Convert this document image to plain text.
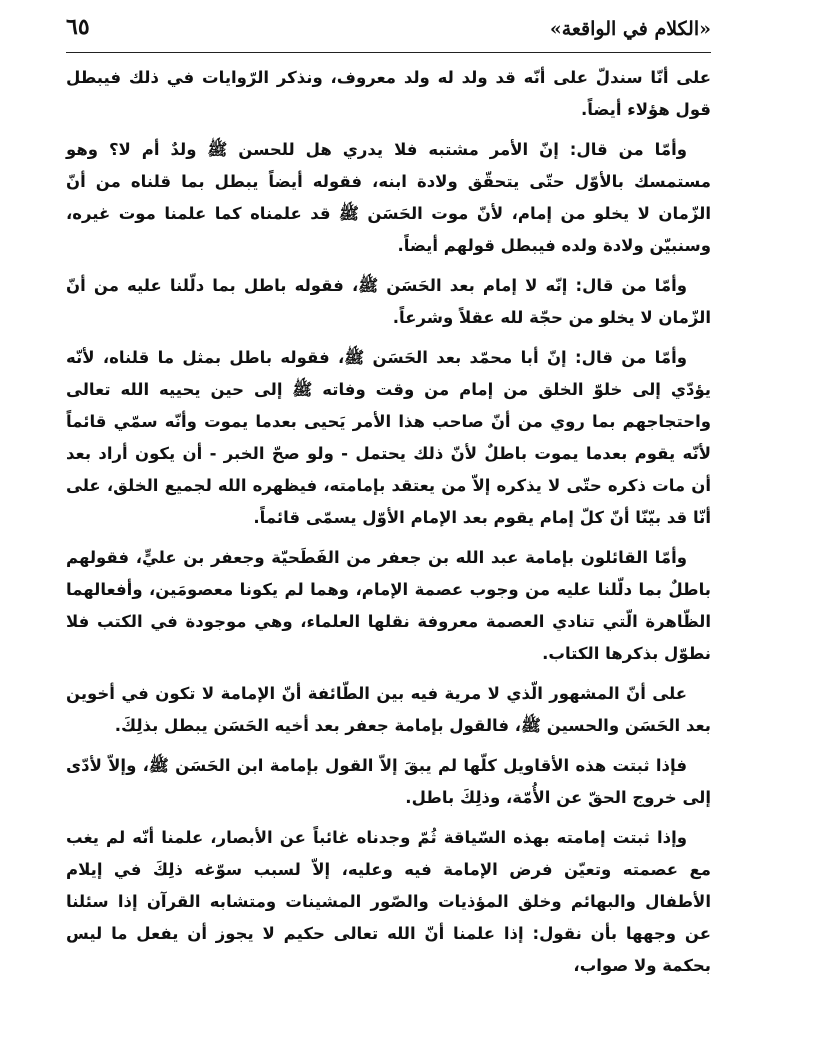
«الكلام في الواقعة»
٦٥

على أنّا سندلّ على أنّه قد ولد له ولد معروف، ونذكر الرّوايات في ذلك فيبطل قول هؤلاء أيضاً.

وأمّا من قال: إنّ الأمر مشتبه فلا يدري هل للحسن ﷺ ولدٌ أم لا؟ وهو مستمسك بالأوّل حتّى يتحقّق ولادة ابنه، فقوله أيضاً يبطل بما قلناه من أنّ الزّمان لا يخلو من إمام، لأنّ موت الحَسَن ﷺ قد علمناه كما علمنا موت غيره، وسنبيّن ولادة ولده فيبطل قولهم أيضاً.

وأمّا من قال: إنّه لا إمام بعد الحَسَن ﷺ، فقوله باطل بما دلّلنا عليه من أنّ الزّمان لا يخلو من حجّة لله عقلاً وشرعاً.

وأمّا من قال: إنّ أبا محمّد بعد الحَسَن ﷺ، فقوله باطل بمثل ما قلناه، لأنّه يؤدّي إلى خلوّ الخلق من إمام من وقت وفاته ﷺ إلى حين يحييه الله تعالى واحتجاجهم بما روي من أنّ صاحب هذا الأمر يَحيى بعدما يموت وأنّه سمّي قائماً لأنّه يقوم بعدما يموت باطلٌ لأنّ ذلك يحتمل - ولو صحّ الخبر - أن يكون أراد بعد أن مات ذكره حتّى لا يذكره إلاّ من يعتقد بإمامته، فيظهره الله لجميع الخلق، على أنّا قد بيّنّا أنّ كلّ إمام يقوم بعد الإمام الأوّل يسمّى قائماً.

وأمّا القائلون بإمامة عبد الله بن جعفر من الفَطَحيّة وجعفر بن عليٍّ، فقولهم باطلٌ بما دلّلنا عليه من وجوب عصمة الإمام، وهما لم يكونا معصومَين، وأفعالهما الظّاهرة الّتي تنادي العصمة معروفة نقلها العلماء، وهي موجودة في الكتب فلا نطوّل بذكرها الكتاب.

على أنّ المشهور الّذي لا مرية فيه بين الطّائفة أنّ الإمامة لا تكون في أخوين بعد الحَسَن والحسين ﷺ، فالقول بإمامة جعفر بعد أخيه الحَسَن يبطل بذلِكَ.

فإذا ثبتت هذه الأقاويل كلّها لم يبقَ إلاّ القول بإمامة ابن الحَسَن ﷺ، وإلاّ لأدّى إلى خروج الحقّ عن الأُمّة، وذلِكَ باطل.

وإذا ثبتت إمامته بهذه السّياقة ثُمّ وجدناه غائباً عن الأبصار، علمنا أنّه لم يغب مع عصمته وتعيّن فرض الإمامة فيه وعليه، إلاّ لسبب سوّغه ذلِكَ في إيلام الأطفال والبهائم وخلق المؤذيات والصّور المشينات ومتشابه القرآن إذا سئلنا عن وجهها بأن نقول: إذا علمنا أنّ الله تعالى حكيم لا يجوز أن يفعل ما ليس بحكمة ولا صواب،
